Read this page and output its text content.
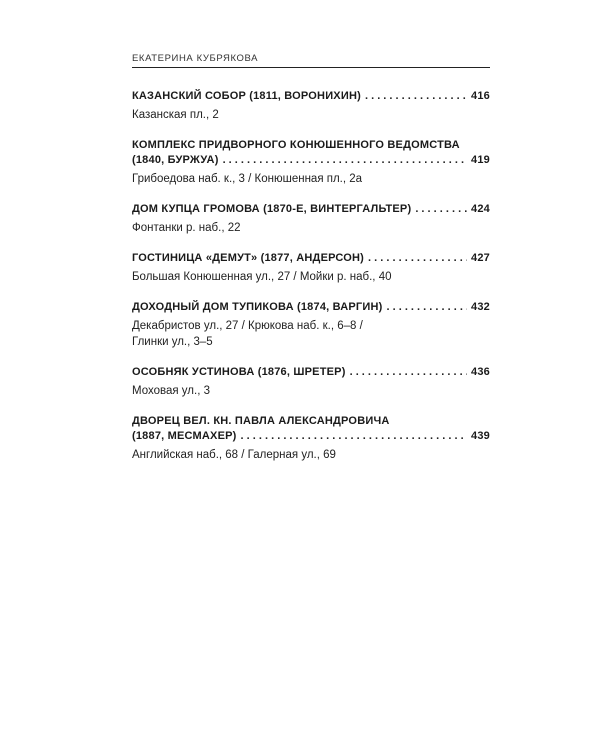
ЕКАТЕРИНА КУБРЯКОВА
КАЗАНСКИЙ СОБОР (1811, ВОРОНИХИН) . . .	416
Казанская пл., 2
КОМПЛЕКС ПРИДВОРНОГО КОНЮШЕННОГО ВЕДОМСТВА
(1840, БУРЖУА) . . .	419
Грибоедова наб. к., 3 / Конюшенная пл., 2а
ДОМ КУПЦА ГРОМОВА (1870-Е, ВИНТЕРГАЛЬТЕР) . . .	424
Фонтанки р. наб., 22
ГОСТИНИЦА «ДЕМУТ» (1877, АНДЕРСОН) . . .	427
Большая Конюшенная ул., 27 / Мойки р. наб., 40
ДОХОДНЫЙ ДОМ ТУПИКОВА (1874, ВАРГИН) . . .	432
Декабристов ул., 27 / Крюкова наб. к., 6–8 /
Глинки ул., 3–5
ОСОБНЯК УСТИНОВА (1876, ШРЕТЕР) . . .	436
Моховая ул., 3
ДВОРЕЦ ВЕЛ. КН. ПАВЛА АЛЕКСАНДРОВИЧА
(1887, МЕСМАХЕР) . . .	439
Английская наб., 68 / Галерная ул., 69
